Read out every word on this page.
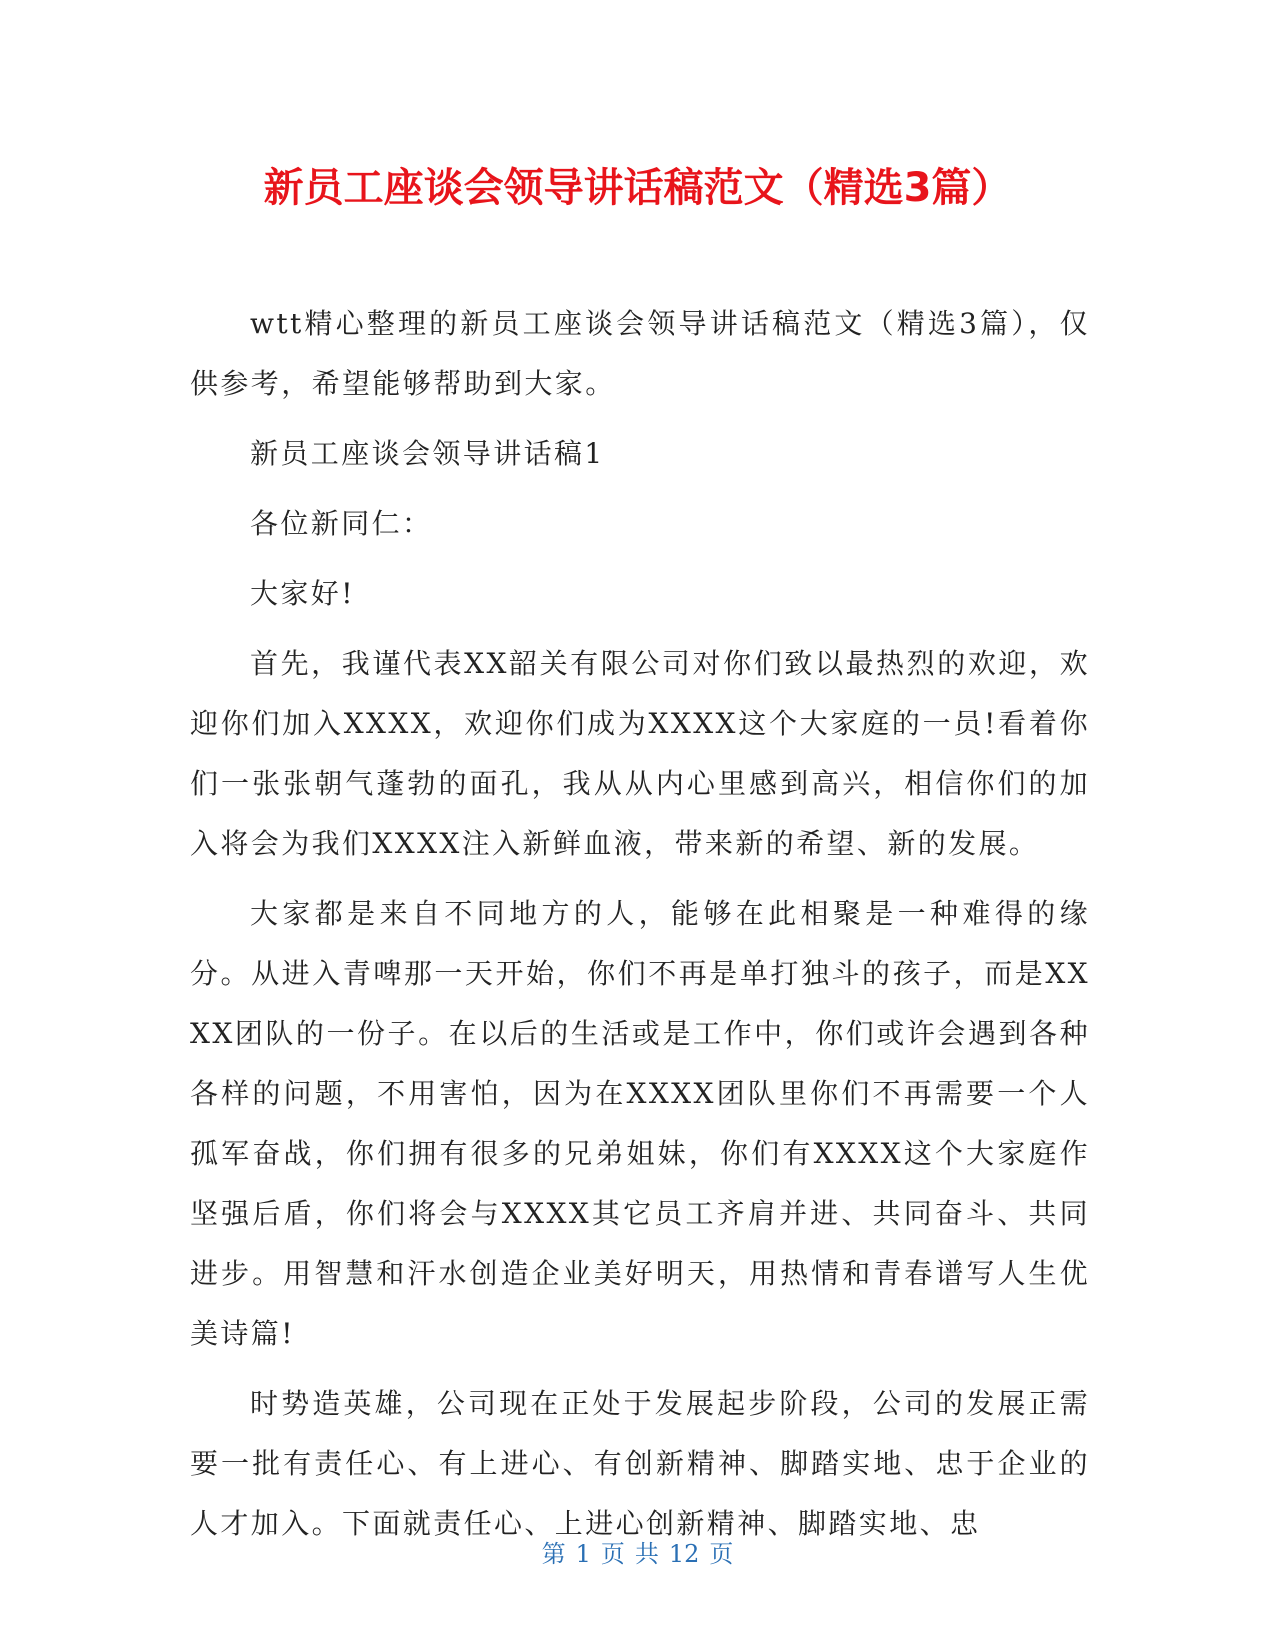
新员工座谈会领导讲话稿范文（精选3篇）

wtt精心整理的新员工座谈会领导讲话稿范文（精选3篇），仅供参考，希望能够帮助到大家。

新员工座谈会领导讲话稿1

各位新同仁：

大家好!

首先，我谨代表XX韶关有限公司对你们致以最热烈的欢迎，欢迎你们加入XXXX，欢迎你们成为XXXX这个大家庭的一员!看着你们一张张朝气蓬勃的面孔，我从从内心里感到高兴，相信你们的加入将会为我们XXXX注入新鲜血液，带来新的希望、新的发展。

大家都是来自不同地方的人，能够在此相聚是一种难得的缘分。从进入青啤那一天开始，你们不再是单打独斗的孩子，而是XXXX团队的一份子。在以后的生活或是工作中，你们或许会遇到各种各样的问题，不用害怕，因为在XXXX团队里你们不再需要一个人孤军奋战，你们拥有很多的兄弟姐妹，你们有XXXX这个大家庭作坚强后盾，你们将会与XXXX其它员工齐肩并进、共同奋斗、共同进步。用智慧和汗水创造企业美好明天，用热情和青春谱写人生优美诗篇!

时势造英雄，公司现在正处于发展起步阶段，公司的发展正需要一批有责任心、有上进心、有创新精神、脚踏实地、忠于企业的人才加入。下面就责任心、上进心创新精神、脚踏实地、忠

第 1 页 共 12 页
